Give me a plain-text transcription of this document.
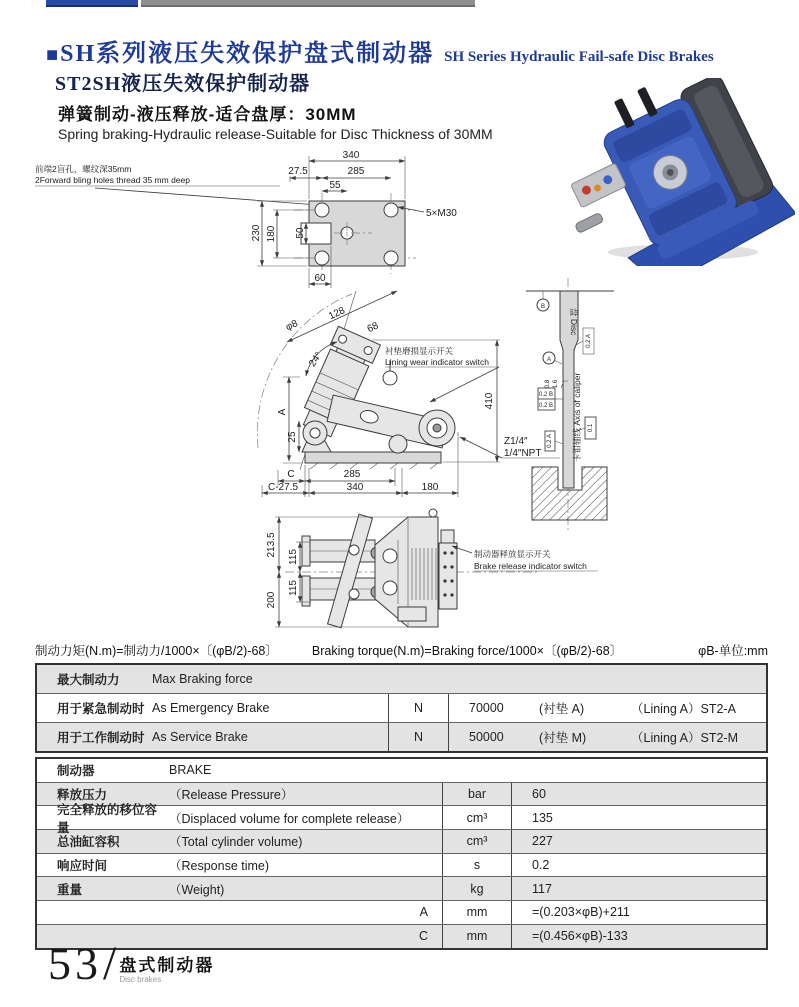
■SH系列液压失效保护盘式制动器 SH Series Hydraulic Fail-safe Disc Brakes
ST2SH液压失效保护制动器
弹簧制动-液压释放-适合盘厚：30MM
Spring braking-Hydraulic release-Suitable for Disc Thickness of 30MM
前端2盲孔，螺纹深35mm
2Forward bling holes thread 35 mm deep
340
27.5	285
55
230 180 50
60
5×M30
φ8
128
68
24°
A
25
C	285
C-27.5	340	180
410
衬垫磨损显示开关
Lining wear indicator switch
Z1/4″
1/4″NPT
B
A
盘 Disc
0.8 1.6
0.2 A
0.2 B
0.2 B
0.1
0.2 A 卡钳轴线 Axis of caliper
213.5
200
115
115
制动器释放显示开关
Brake release indicator switch
制动力矩(N.m)=制动力/1000×〔(φB/2)-68〕	Braking torque(N.m)=Braking force/1000×〔(φB/2)-68〕	φB-单位:mm
最大制动力	Max Braking force
用于紧急制动时 As Emergency Brake	N	70000	(衬垫 A)	（Lining A）ST2-A
用于工作制动时 As Service Brake	N	50000	(衬垫 M)	（Lining A）ST2-M
制动器	BRAKE
释放压力	（Release Pressure）	bar	60
完全释放的移位容量
（Displaced volume for complete release）	cm³	135
总油缸容积	（Total cylinder volume)	cm³	227
响应时间	（Response time)	s	0.2
重量	（Weight)	kg	117
A	mm	=(0.203×φB)+211
C	mm	=(0.456×φB)-133
53 / 盘式制动器
Disc brakes
